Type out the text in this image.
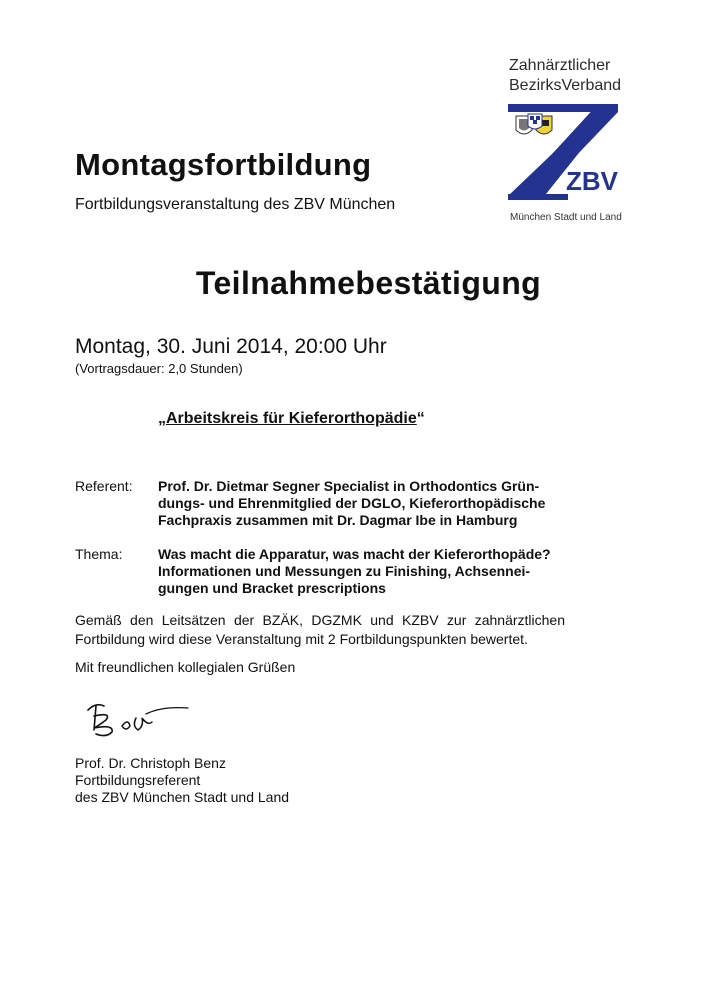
Zahnärztlicher
BezirksVerband
ZBV
München Stadt und Land
Montagsfortbildung
Fortbildungsveranstaltung des ZBV München
Teilnahmebestätigung
Montag, 30. Juni 2014, 20:00 Uhr
(Vortragsdauer: 2,0 Stunden)
„Arbeitskreis für Kieferorthopädie“
Referent: Prof. Dr. Dietmar Segner Specialist in Orthodontics Grün-
dungs- und Ehrenmitglied der DGLO, Kieferorthopädische
Fachpraxis zusammen mit Dr. Dagmar Ibe in Hamburg
Thema:	Was macht die Apparatur, was macht der Kieferorthopäde?
Informationen und Messungen zu Finishing, Achsennei-
gungen und Bracket prescriptions
Gemäß den Leitsätzen der BZÄK, DGZMK und KZBV zur zahnärztlichen Fortbildung wird diese Veranstaltung mit 2 Fortbildungspunkten bewertet.
Mit freundlichen kollegialen Grüßen
Prof. Dr. Christoph Benz
Fortbildungsreferent
des ZBV München Stadt und Land
